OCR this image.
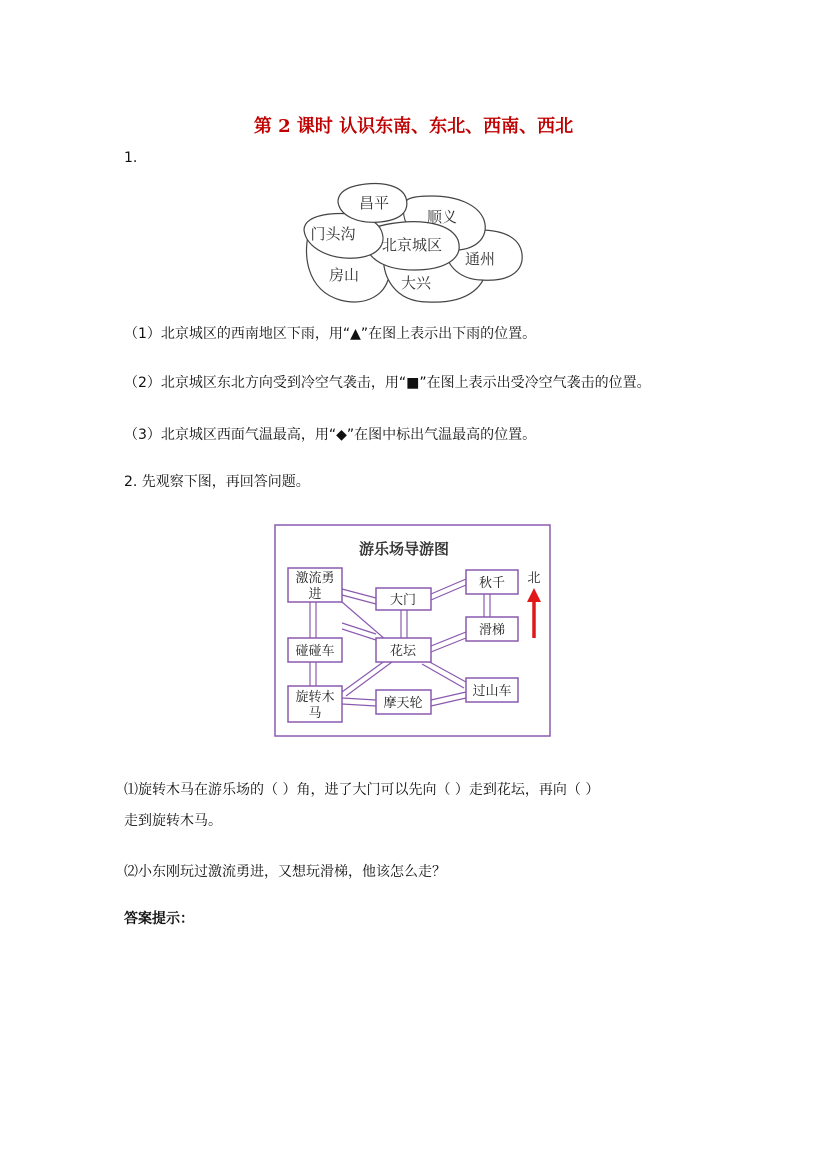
第 2 课时 认识东南、东北、西南、西北
1.
昌平
顺义
门头沟
北京城区
通州
房山	大兴
（1）北京城区的西南地区下雨，用“▲”在图上表示出下雨的位置。
（2）北京城区东北方向受到冷空气袭击，用“■”在图上表示出受冷空气袭击的位置。
（3）北京城区西面气温最高，用“◆”在图中标出气温最高的位置。
2. 先观察下图，再回答问题。
游乐场导游图
激流勇
进	大门
秋千
滑梯
碰碰车	花坛
旋转木
马
摩天轮
过山车
北
⑴旋转木马在游乐场的（ ）角，进了大门可以先向（ ）走到花坛，再向（ ）
走到旋转木马。
⑵小东刚玩过激流勇进，又想玩滑梯，他该怎么走？
答案提示：
